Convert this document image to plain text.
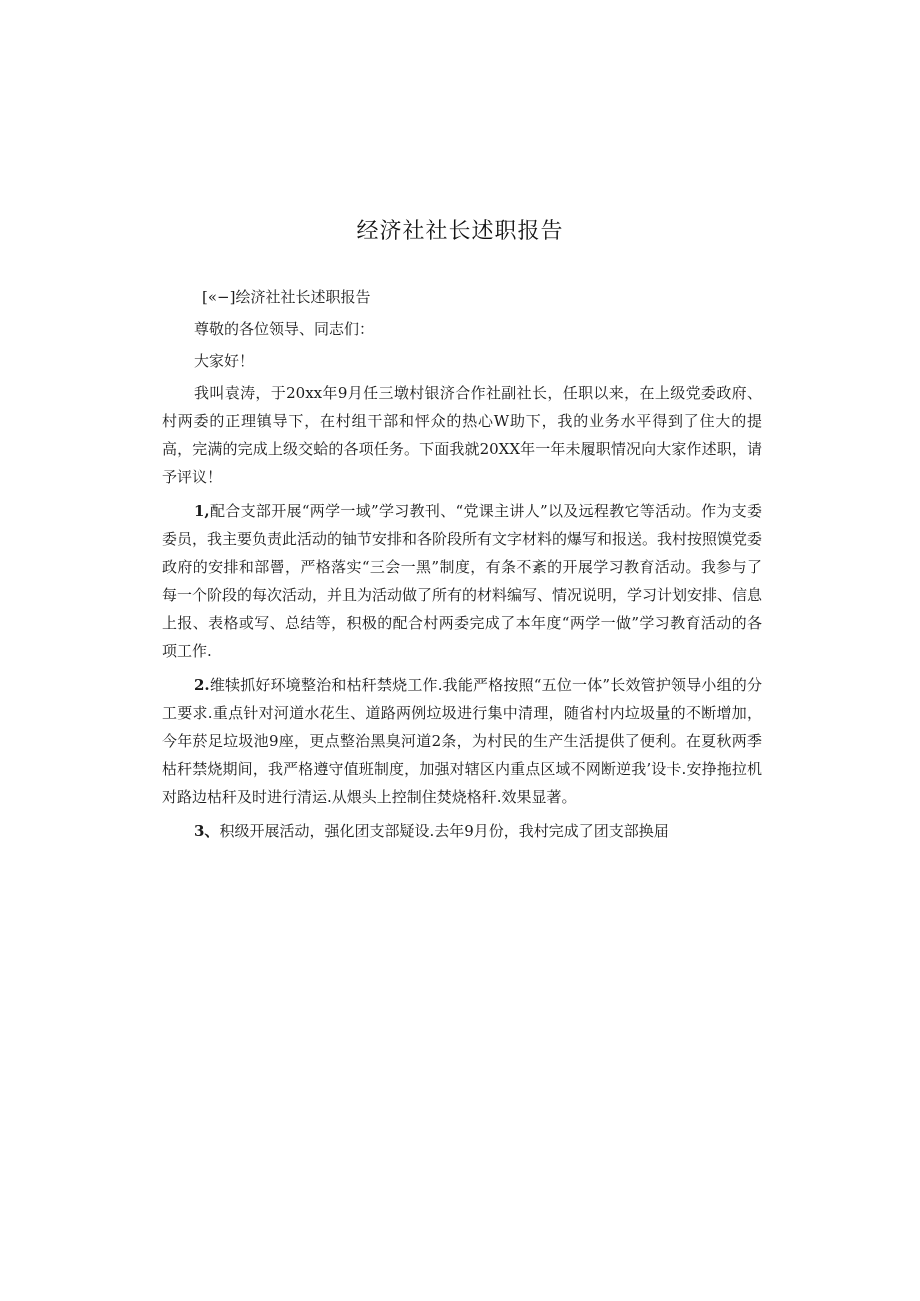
经济社社长述职报告

[«−]绘济社社长述职报告

尊敬的各位领导、同志们：

大家好！

我叫袁涛，于20xx年9月任三墩村银济合作社副社长，任职以来，在上级党委政府、村两委的正理镇导下，在村组干部和怦众的热心W助下，我的业务水平得到了住大的提高，完满的完成上级交蛤的各项任务。下面我就20XX年一年未履职情况向大家作述职，请予评议！

1,配合支部开展“两学一域”学习教刊、“党课主讲人”以及远程教它等活动。作为支委委员，我主要负责此活动的铀节安排和各阶段所有文字材料的爆写和报送。我村按照馍党委政府的安排和部罾，严格落实“三会一黑”制度，有条不紊的开展学习教育活动。我参与了每一个阶段的每次活动，并且为活动做了所有的材料编写、情况说明，学习计划安排、信息上报、表格或写、总结等，积极的配合村两委完成了本年度“两学一做”学习教育活动的各项工作.

2.维犊抓好环境整治和枯秆禁烧工作.我能严格按照“五位一体”长效管护领导小组的分工要求.重点针对河道水花生、道路两例垃圾进行集中清理，随省村内垃圾量的不断增加，今年菸足垃圾池9座，更点整治黑臭河道2条，为村民的生产生活提供了便利。在夏秋两季枯秆禁烧期间，我严格遵守值班制度，加强对辖区内重点区域不网断逆我’设卡.安挣拖拉机对路边枯秆及时进行清运.从煨头上控制住焚烧格秆.效果显著。

3、积级开展活动，强化团支部疑设.去年9月份，我村完成了团支部换届
